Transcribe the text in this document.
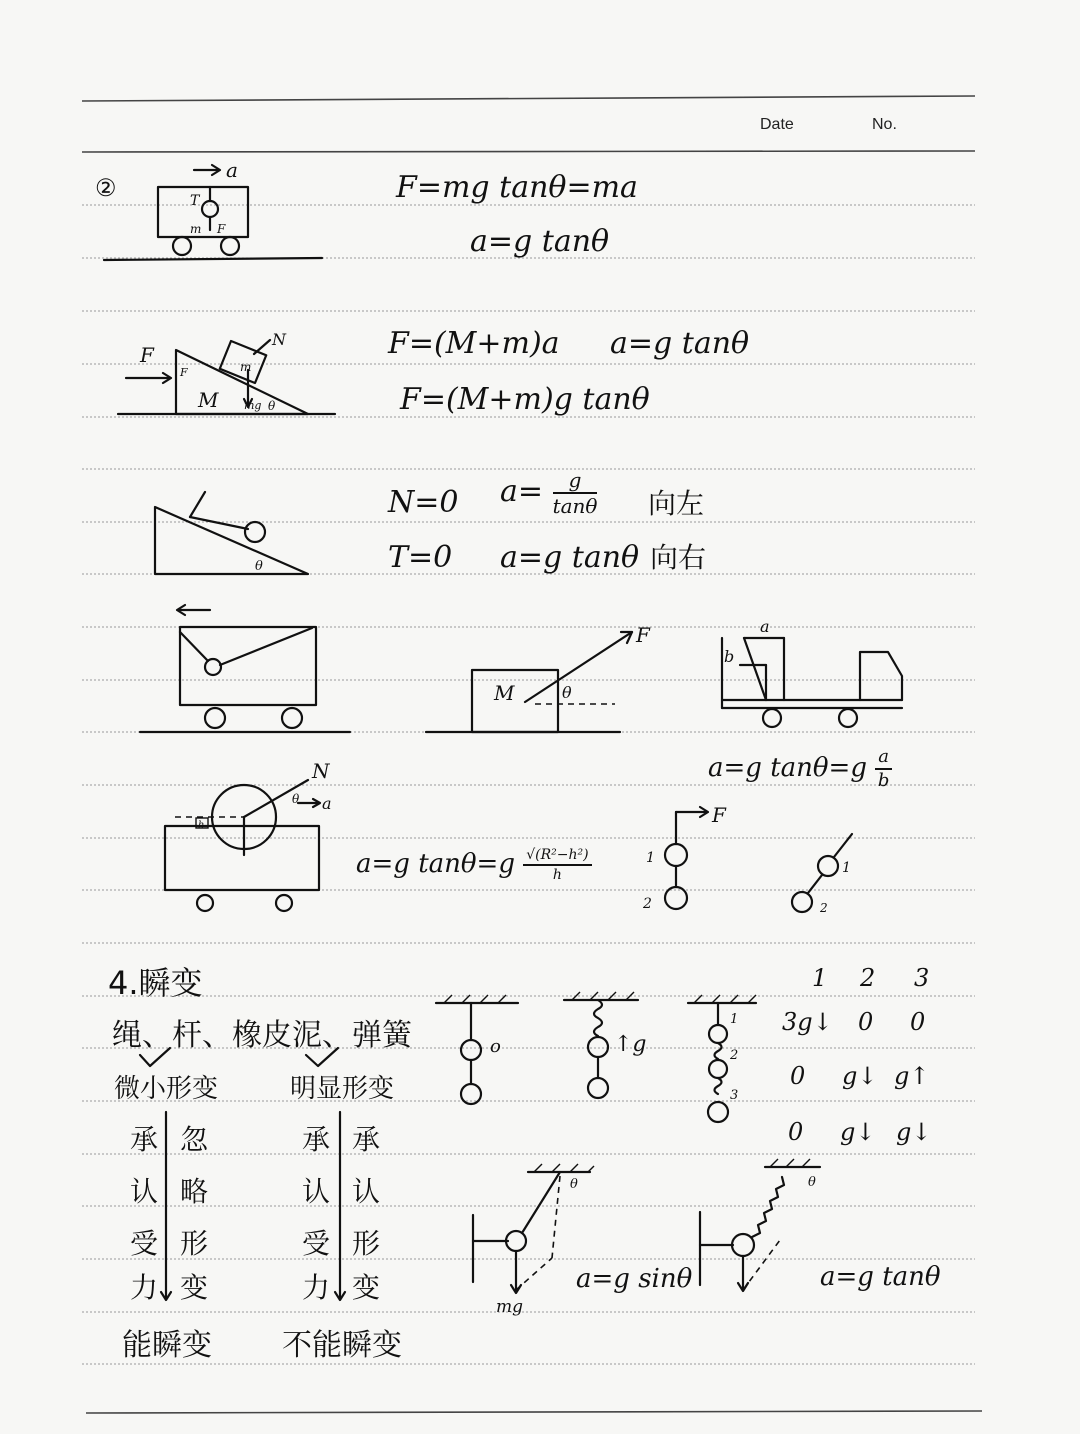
a
T
m F
N
F
M
m
mg θ
F
θ
M
F
θ
a
b
N
a
θ
h	F
1
2
1
2
θ
mg
θ
Date	No.
②	F=mg tanθ=ma
a=g tanθ
F=(M+m)a a=g tanθ
F=(M+m)g tanθ
N=0 $a= \frac{g}{\tan\theta}$ 向左
T=0 a=g tanθ 向右
a=g $\tan\theta=g \frac{a}{b}$
a=g $\tan\theta=g \frac{\text{√(R²−h²)}}{h}$
4.瞬变
绳、杆、橡皮泥、弹簧
微小形变	明显形变
承
认
受
力
忽
略
形
变
承
认
受
力
承
认
形
变
能瞬变 不能瞬变
1 2 3
3g↓ 0 0
0 g↓ g↑
0 g↓ g↓
o	↑g
1
2
3
a=g sinθ	a=g tanθ
